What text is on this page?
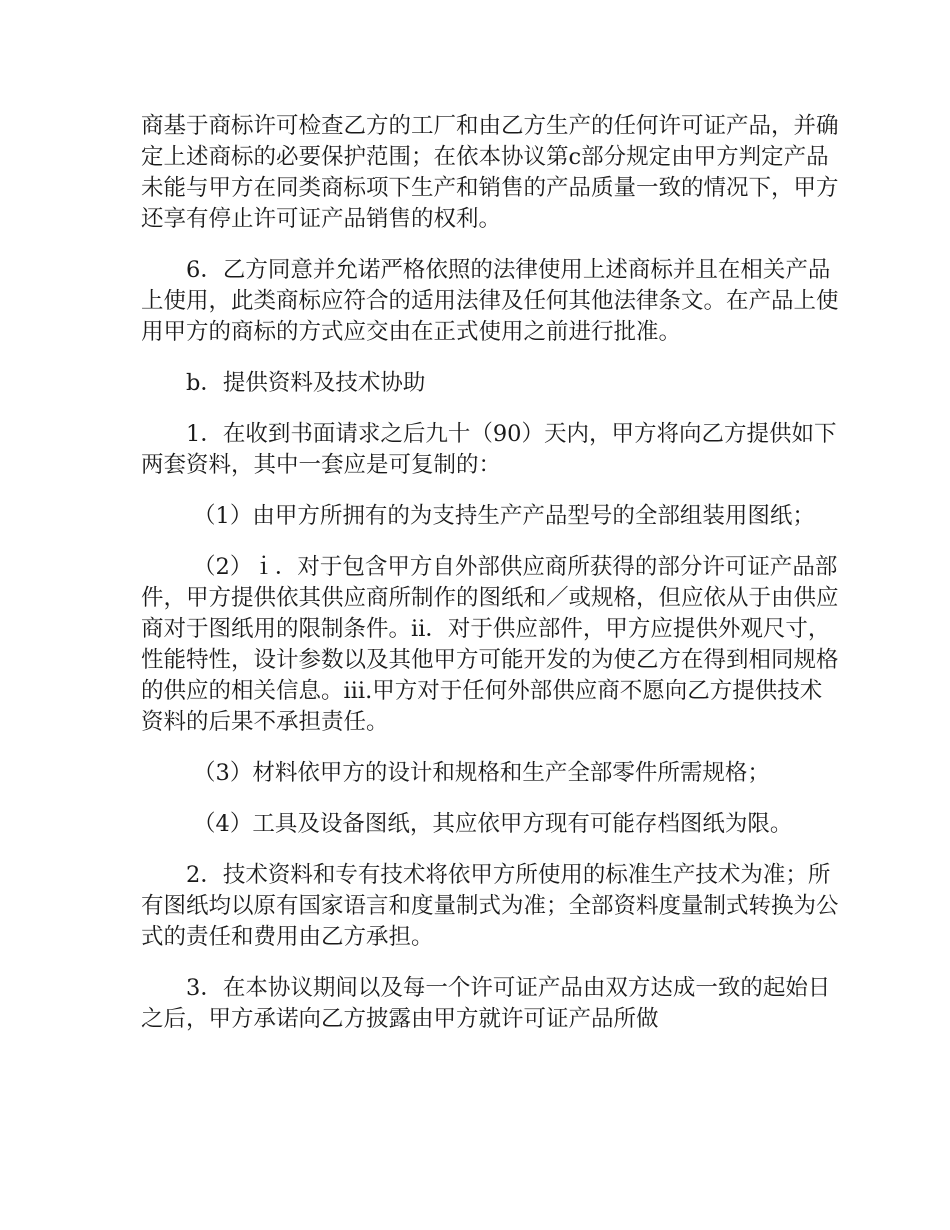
商基于商标许可检查乙方的工厂和由乙方生产的任何许可证产品，并确定上述商标的必要保护范围；在依本协议第c部分规定由甲方判定产品未能与甲方在同类商标项下生产和销售的产品质量一致的情况下，甲方还享有停止许可证产品销售的权利。

6．乙方同意并允诺严格依照的法律使用上述商标并且在相关产品上使用，此类商标应符合的适用法律及任何其他法律条文。在产品上使用甲方的商标的方式应交由在正式使用之前进行批准。

b．提供资料及技术协助

1．在收到书面请求之后九十（90）天内，甲方将向乙方提供如下两套资料，其中一套应是可复制的：

（1）由甲方所拥有的为支持生产产品型号的全部组装用图纸；

（2）ｉ．对于包含甲方自外部供应商所获得的部分许可证产品部件，甲方提供依其供应商所制作的图纸和／或规格，但应依从于由供应商对于图纸用的限制条件。ⅱ．对于供应部件，甲方应提供外观尺寸，性能特性，设计参数以及其他甲方可能开发的为使乙方在得到相同规格的供应的相关信息。ⅲ.甲方对于任何外部供应商不愿向乙方提供技术资料的后果不承担责任。

（3）材料依甲方的设计和规格和生产全部零件所需规格；

（4）工具及设备图纸，其应依甲方现有可能存档图纸为限。

2．技术资料和专有技术将依甲方所使用的标准生产技术为准；所有图纸均以原有国家语言和度量制式为准；全部资料度量制式转换为公式的责任和费用由乙方承担。

3．在本协议期间以及每一个许可证产品由双方达成一致的起始日之后，甲方承诺向乙方披露由甲方就许可证产品所做
